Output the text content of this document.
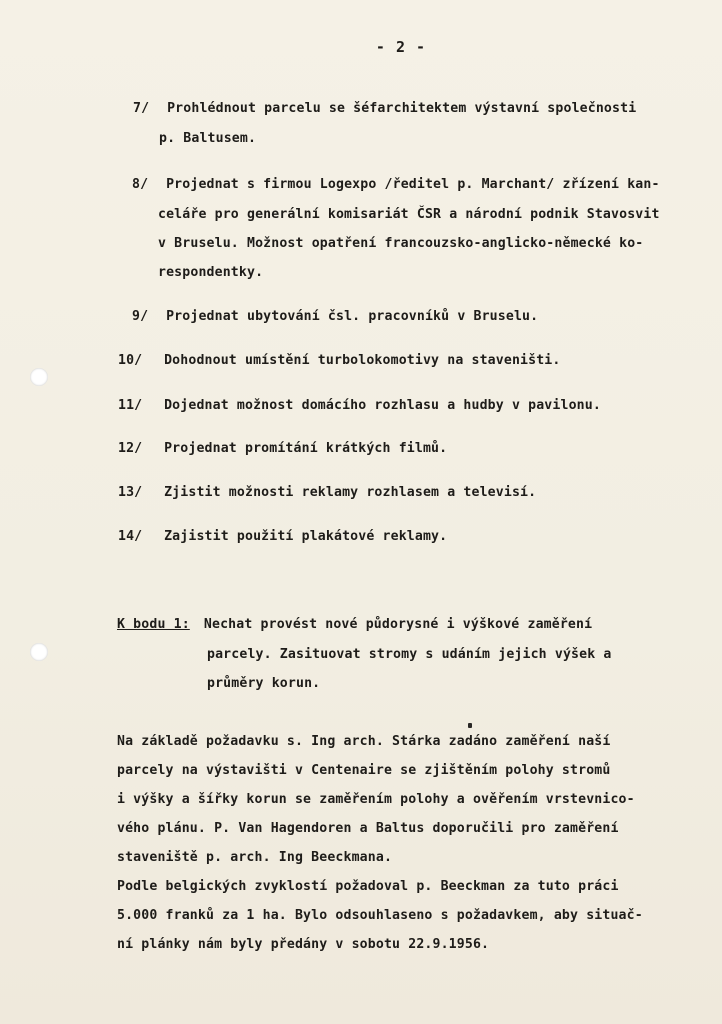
- 2 -
7/ Prohlédnout parcelu se šéfarchitektem výstavní společnosti
p. Baltusem.
8/ Projednat s firmou Logexpo /ředitel p. Marchant/ zřízení kan-
celáře pro generální komisariát ČSR a národní podnik Stavosvit
v Bruselu. Možnost opatření francouzsko-anglicko-německé ko-
respondentky.
9/ Projednat ubytování čsl. pracovníků v Bruselu.
10/ Dohodnout umístění turbolokomotivy na staveništi.
11/ Dojednat možnost domácího rozhlasu a hudby v pavilonu.
12/ Projednat promítání krátkých filmů.
13/ Zjistit možnosti reklamy rozhlasem a televisí.
14/ Zajistit použití plakátové reklamy.
K bodu 1: Nechat provést nové půdorysné i výškové zaměření
parcely. Zasituovat stromy s udáním jejich výšek a
průměry korun.
Na základě požadavku s. Ing arch. Stárka zadáno zaměření naší
parcely na výstavišti v Centenaire se zjištěním polohy stromů
i výšky a šířky korun se zaměřením polohy a ověřením vrstevnico-
vého plánu. P. Van Hagendoren a Baltus doporučili pro zaměření
staveniště p. arch. Ing Beeckmana.
Podle belgických zvyklostí požadoval p. Beeckman za tuto práci
5.000 franků za 1 ha. Bylo odsouhlaseno s požadavkem, aby situač-
ní plánky nám byly předány v sobotu 22.9.1956.
